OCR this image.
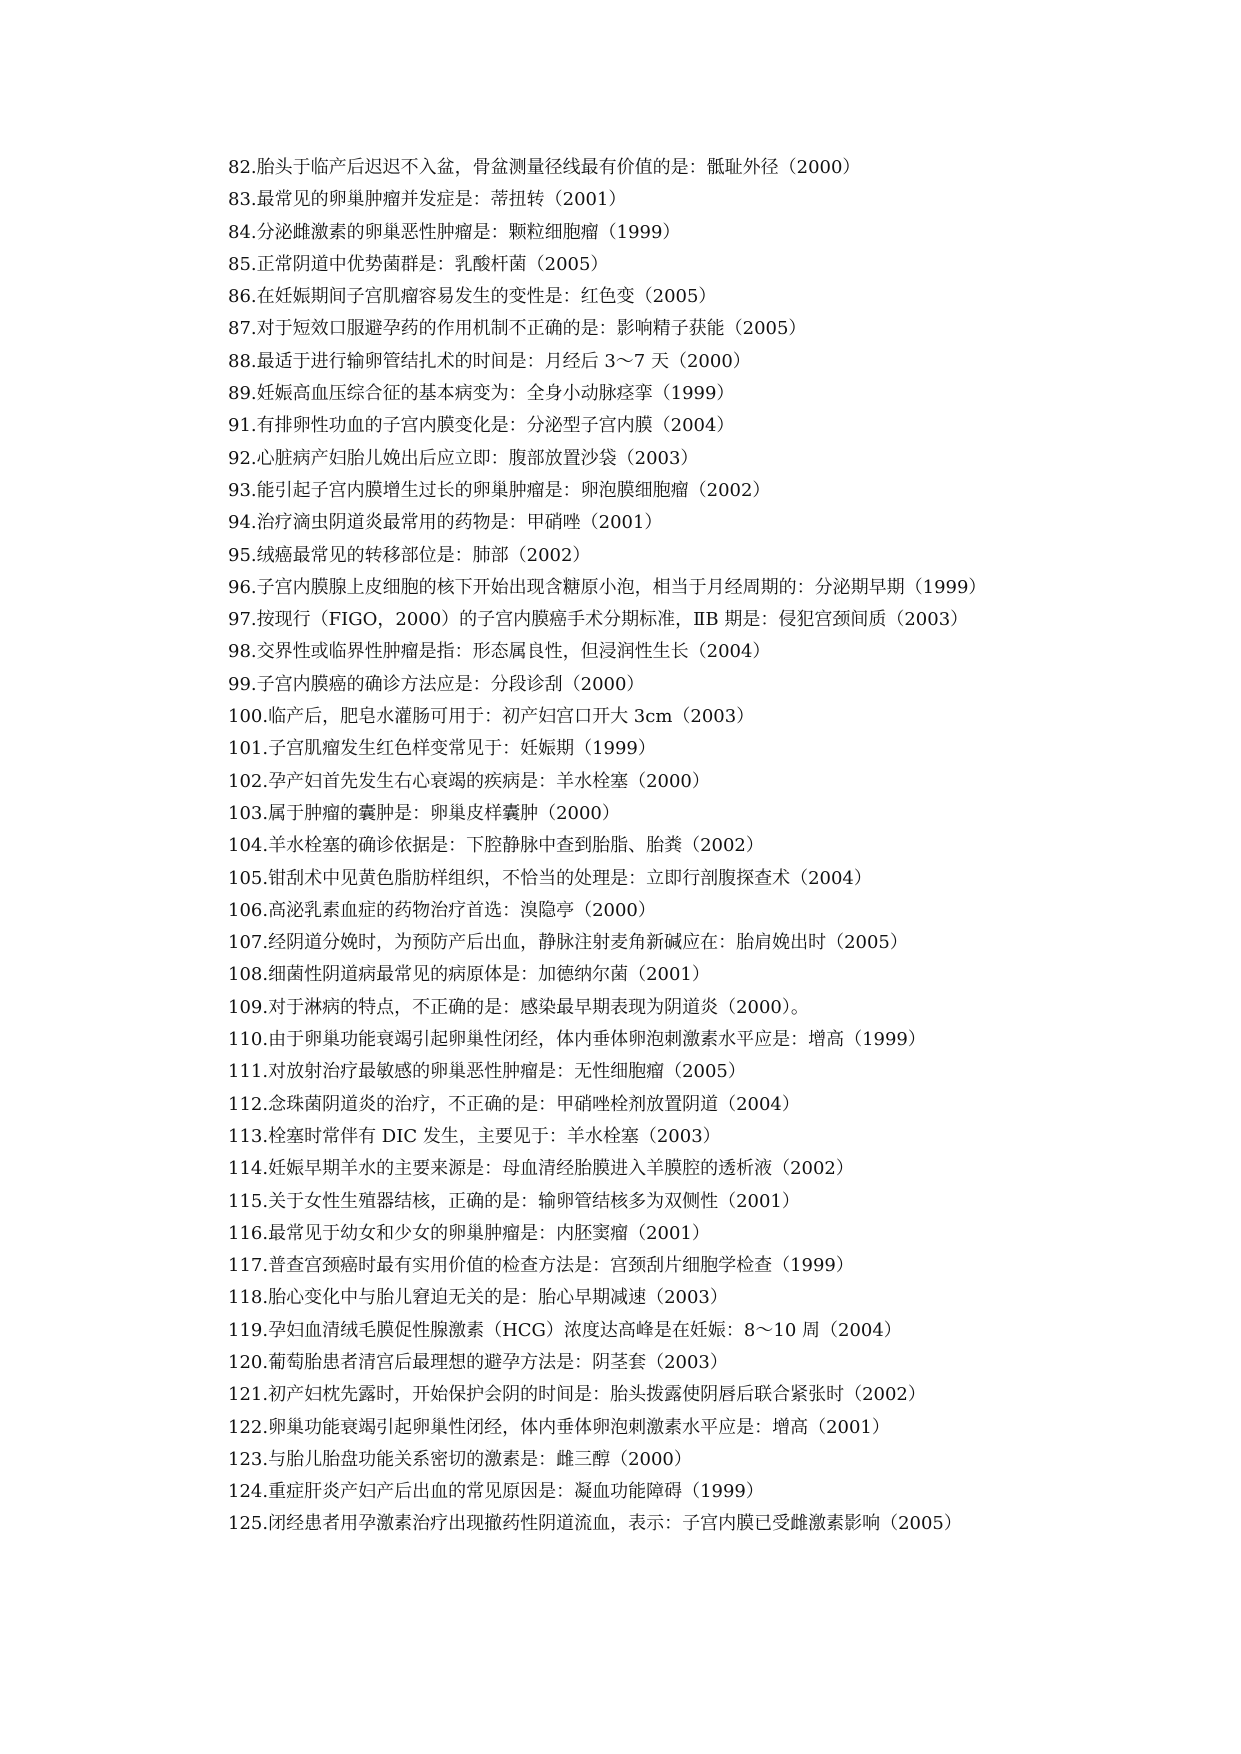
82.胎头于临产后迟迟不入盆，骨盆测量径线最有价值的是：骶耻外径（2000）

83.最常见的卵巢肿瘤并发症是：蒂扭转（2001）

84.分泌雌激素的卵巢恶性肿瘤是：颗粒细胞瘤（1999）

85.正常阴道中优势菌群是：乳酸杆菌（2005）

86.在妊娠期间子宫肌瘤容易发生的变性是：红色变（2005）

87.对于短效口服避孕药的作用机制不正确的是：影响精子获能（2005）

88.最适于进行输卵管结扎术的时间是：月经后 3～7 天（2000）

89.妊娠高血压综合征的基本病变为：全身小动脉痉挛（1999）

91.有排卵性功血的子宫内膜变化是：分泌型子宫内膜（2004）

92.心脏病产妇胎儿娩出后应立即：腹部放置沙袋（2003）

93.能引起子宫内膜增生过长的卵巢肿瘤是：卵泡膜细胞瘤（2002）

94.治疗滴虫阴道炎最常用的药物是：甲硝唑（2001）

95.绒癌最常见的转移部位是：肺部（2002）

96.子宫内膜腺上皮细胞的核下开始出现含糖原小泡，相当于月经周期的：分泌期早期（1999）

97.按现行（FIGO，2000）的子宫内膜癌手术分期标准，ⅡB 期是：侵犯宫颈间质（2003）

98.交界性或临界性肿瘤是指：形态属良性，但浸润性生长（2004）

99.子宫内膜癌的确诊方法应是：分段诊刮（2000）

100.临产后，肥皂水灌肠可用于：初产妇宫口开大 3cm（2003）

101.子宫肌瘤发生红色样变常见于：妊娠期（1999）

102.孕产妇首先发生右心衰竭的疾病是：羊水栓塞（2000）

103.属于肿瘤的囊肿是：卵巢皮样囊肿（2000）

104.羊水栓塞的确诊依据是：下腔静脉中查到胎脂、胎粪（2002）

105.钳刮术中见黄色脂肪样组织，不恰当的处理是：立即行剖腹探查术（2004）

106.高泌乳素血症的药物治疗首选：溴隐亭（2000）

107.经阴道分娩时，为预防产后出血，静脉注射麦角新碱应在：胎肩娩出时（2005）

108.细菌性阴道病最常见的病原体是：加德纳尔菌（2001）

109.对于淋病的特点，不正确的是：感染最早期表现为阴道炎（2000）。

110.由于卵巢功能衰竭引起卵巢性闭经，体内垂体卵泡刺激素水平应是：增高（1999）

111.对放射治疗最敏感的卵巢恶性肿瘤是：无性细胞瘤（2005）

112.念珠菌阴道炎的治疗，不正确的是：甲硝唑栓剂放置阴道（2004）

113.栓塞时常伴有 DIC 发生，主要见于：羊水栓塞（2003）

114.妊娠早期羊水的主要来源是：母血清经胎膜进入羊膜腔的透析液（2002）

115.关于女性生殖器结核，正确的是：输卵管结核多为双侧性（2001）

116.最常见于幼女和少女的卵巢肿瘤是：内胚窦瘤（2001）

117.普查宫颈癌时最有实用价值的检查方法是：宫颈刮片细胞学检查（1999）

118.胎心变化中与胎儿窘迫无关的是：胎心早期减速（2003）

119.孕妇血清绒毛膜促性腺激素（HCG）浓度达高峰是在妊娠：8～10 周（2004）

120.葡萄胎患者清宫后最理想的避孕方法是：阴茎套（2003）

121.初产妇枕先露时，开始保护会阴的时间是：胎头拨露使阴唇后联合紧张时（2002）

122.卵巢功能衰竭引起卵巢性闭经，体内垂体卵泡刺激素水平应是：增高（2001）

123.与胎儿胎盘功能关系密切的激素是：雌三醇（2000）

124.重症肝炎产妇产后出血的常见原因是：凝血功能障碍（1999）

125.闭经患者用孕激素治疗出现撤药性阴道流血，表示：子宫内膜已受雌激素影响（2005）
